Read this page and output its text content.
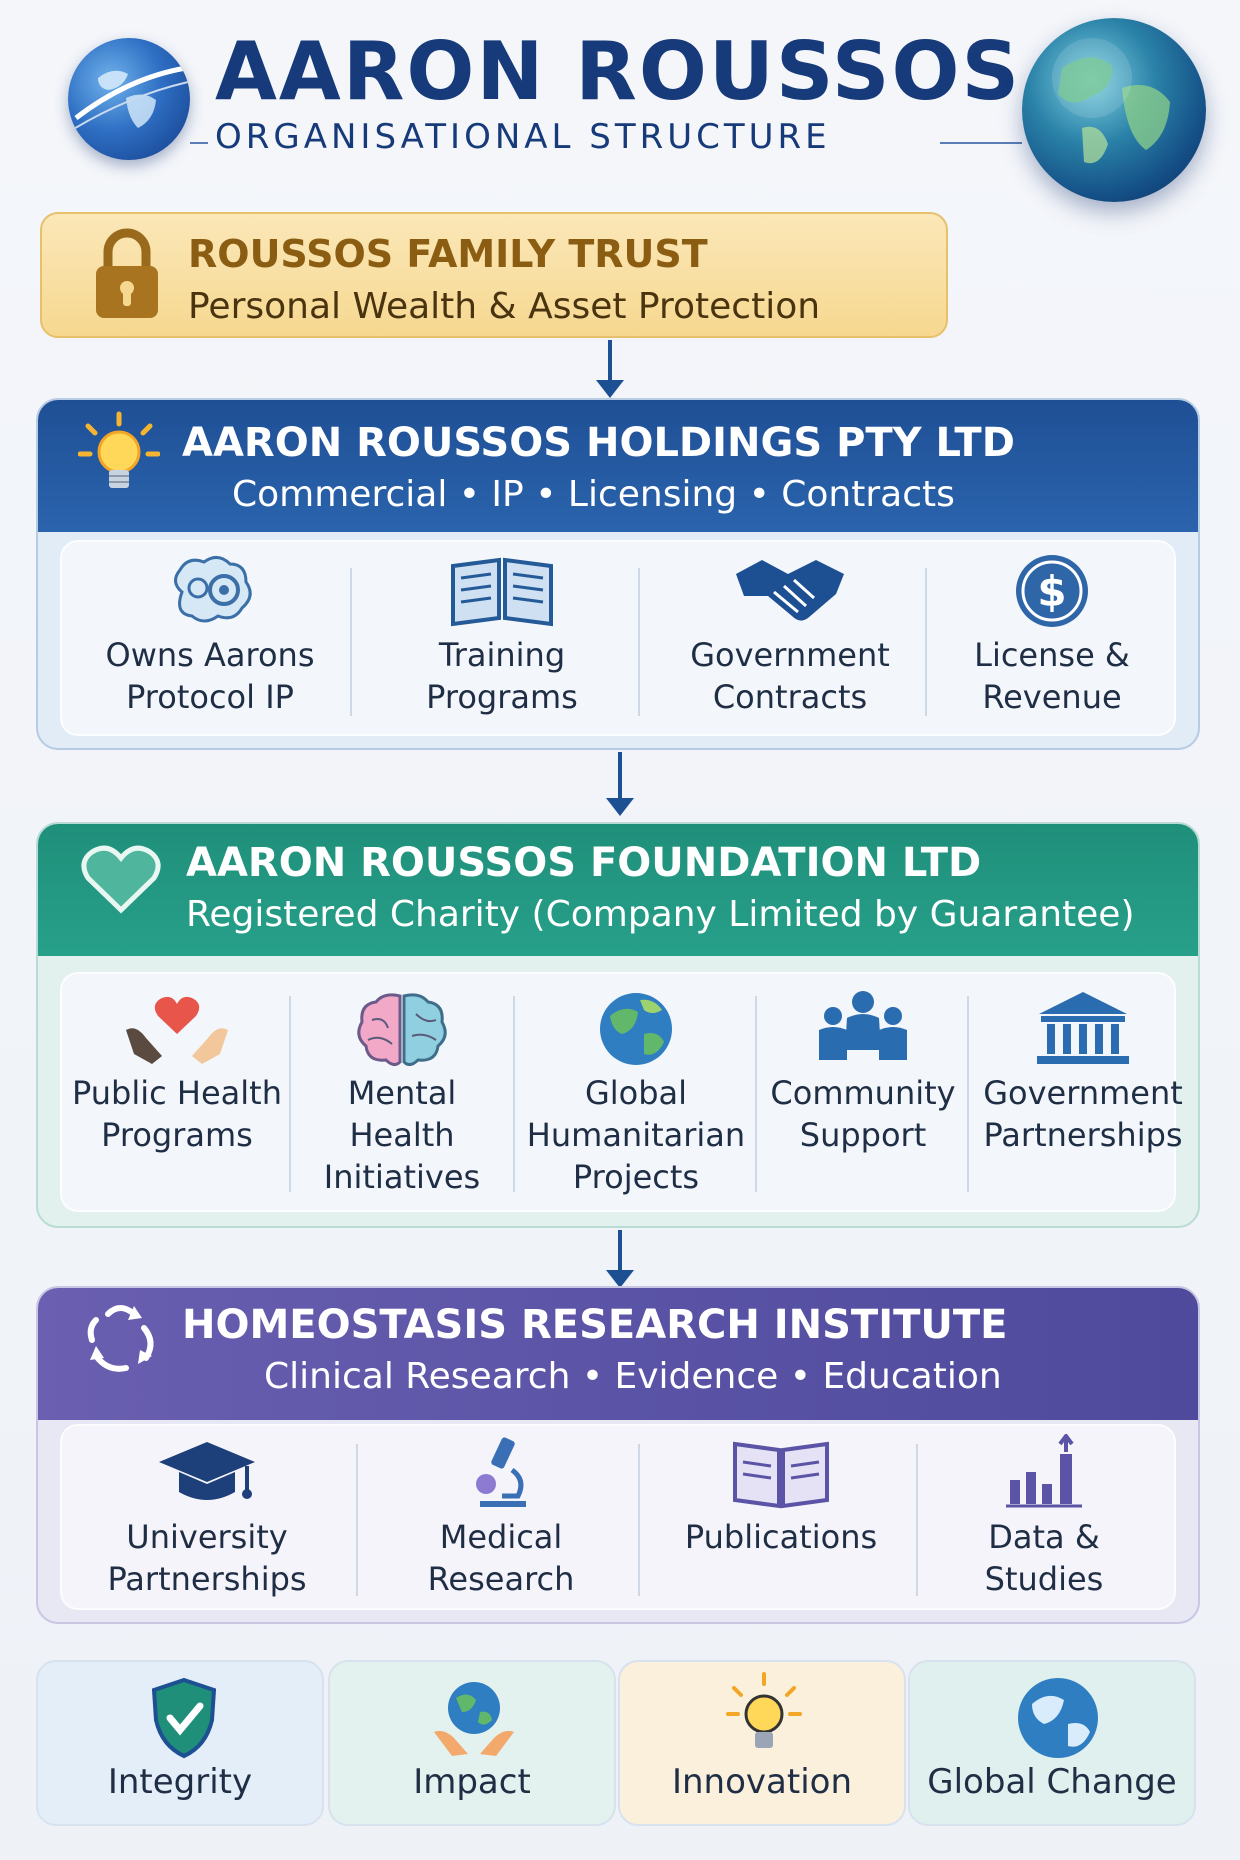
AARON ROUSSOS
ORGANISATIONAL STRUCTURE
ROUSSOS FAMILY TRUST
Personal Wealth & Asset Protection
AARON ROUSSOS HOLDINGS PTY LTD
Commercial • IP • Licensing • Contracts
Owns Aarons
Protocol IP
Training
Programs
Government
Contracts
$
License &
Revenue
AARON ROUSSOS FOUNDATION LTD
Registered Charity (Company Limited by Guarantee)
Public Health
Programs
Mental
Health
Initiatives
Global
Humanitarian
Projects
Community
Support
Government
Partnerships
HOMEOSTASIS RESEARCH INSTITUTE
Clinical Research • Evidence • Education
University
Partnerships
Medical
Research
Publications	Data &
Studies
Integrity	Impact	Innovation	Global Change
